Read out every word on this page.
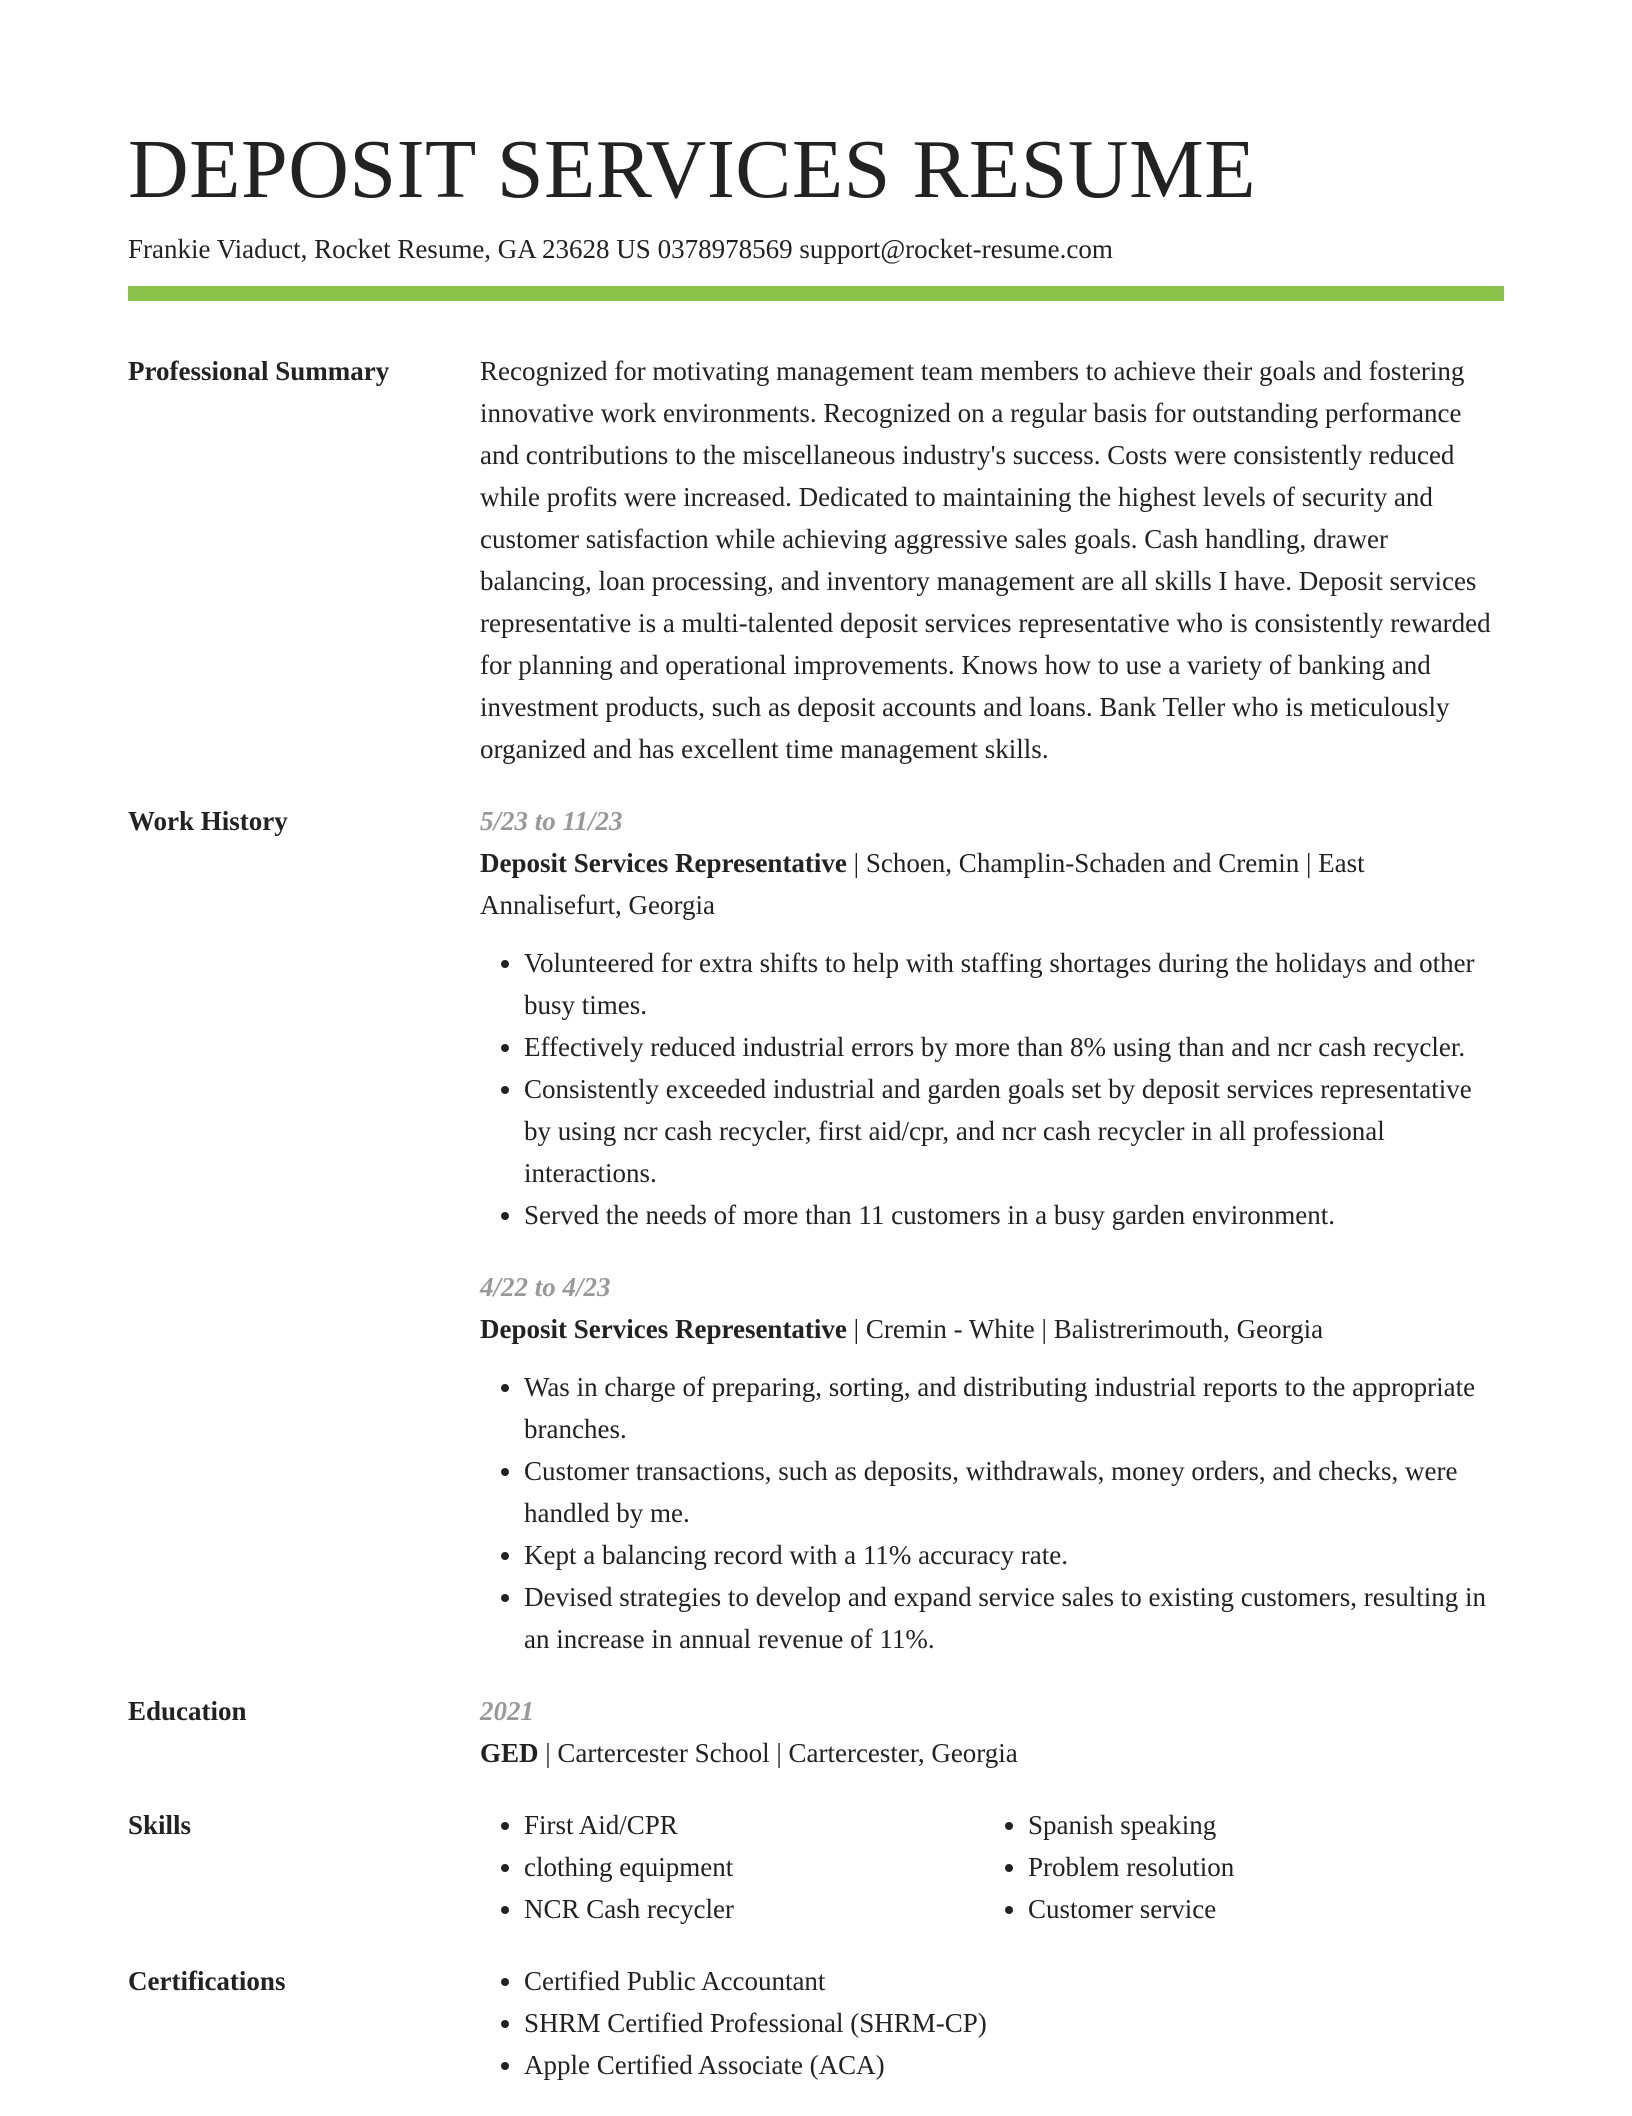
DEPOSIT SERVICES RESUME
Frankie Viaduct, Rocket Resume, GA 23628 US 0378978569 support@rocket-resume.com
Professional Summary	Recognized for motivating management team members to achieve their goals and fostering innovative work environments. Recognized on a regular basis for outstanding performance and contributions to the miscellaneous industry's success. Costs were consistently reduced while profits were increased. Dedicated to maintaining the highest levels of security and customer satisfaction while achieving aggressive sales goals. Cash handling, drawer balancing, loan processing, and inventory management are all skills I have. Deposit services representative is a multi-talented deposit services representative who is consistently rewarded for planning and operational improvements. Knows how to use a variety of banking and investment products, such as deposit accounts and loans. Bank Teller who is meticulously organized and has excellent time management skills.

Work History	5/23 to 11/23
Deposit Services Representative | Schoen, Champlin-Schaden and Cremin | East Annalisefurt, Georgia
• Volunteered for extra shifts to help with staffing shortages during the holidays and other busy times.
• Effectively reduced industrial errors by more than 8% using than and ncr cash recycler.
• Consistently exceeded industrial and garden goals set by deposit services representative by using ncr cash recycler, first aid/cpr, and ncr cash recycler in all professional interactions.
• Served the needs of more than 11 customers in a busy garden environment.
4/22 to 4/23
Deposit Services Representative | Cremin - White | Balistrerimouth, Georgia
• Was in charge of preparing, sorting, and distributing industrial reports to the appropriate branches.
• Customer transactions, such as deposits, withdrawals, money orders, and checks, were handled by me.
• Kept a balancing record with a 11% accuracy rate.
• Devised strategies to develop and expand service sales to existing customers, resulting in an increase in annual revenue of 11%.
Education	2021
GED | Cartercester School | Cartercester, Georgia
Skills	• First Aid/CPR
• clothing equipment
• NCR Cash recycler
• Spanish speaking
• Problem resolution
• Customer service
Certifications	• Certified Public Accountant
• SHRM Certified Professional (SHRM-CP)
• Apple Certified Associate (ACA)
